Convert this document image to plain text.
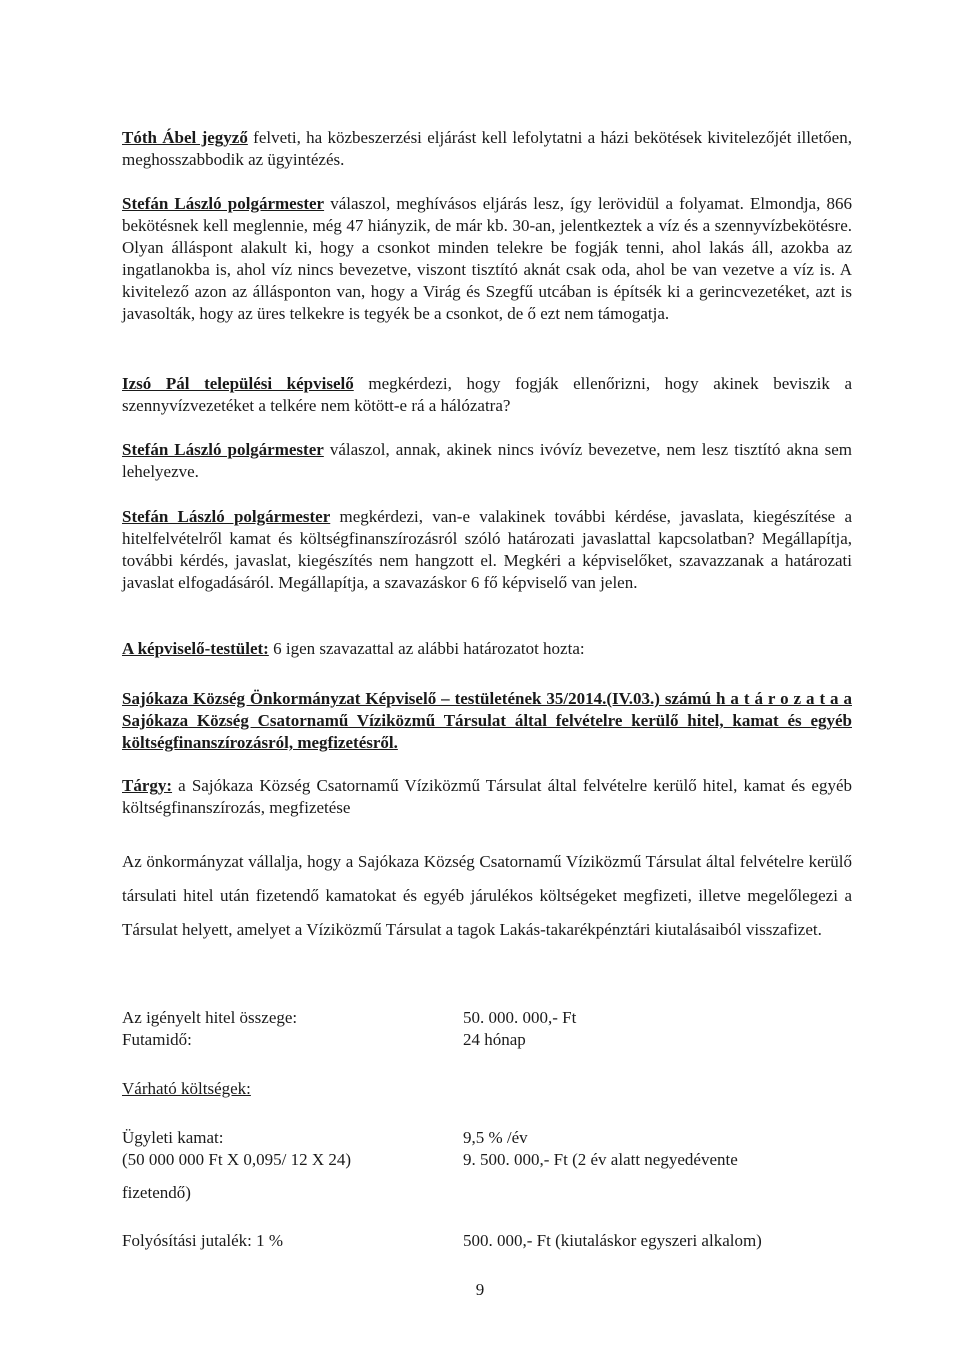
Tóth Ábel jegyző felveti, ha közbeszerzési eljárást kell lefolytatni a házi bekötések kivitelezőjét illetően, meghosszabbodik az ügyintézés.

Stefán László polgármester válaszol, meghívásos eljárás lesz, így lerövidül a folyamat. Elmondja, 866 bekötésnek kell meglennie, még 47 hiányzik, de már kb. 30-an, jelentkeztek a víz és a szennyvízbekötésre. Olyan álláspont alakult ki, hogy a csonkot minden telekre be fogják tenni, ahol lakás áll, azokba az ingatlanokba is, ahol víz nincs bevezetve, viszont tisztító aknát csak oda, ahol be van vezetve a víz is. A kivitelező azon az állásponton van, hogy a Virág és Szegfű utcában is építsék ki a gerincvezetéket, azt is javasolták, hogy az üres telkekre is tegyék be a csonkot, de ő ezt nem támogatja.

Izsó Pál települési képviselő megkérdezi, hogy fogják ellenőrizni, hogy akinek beviszik a szennyvízvezetéket a telkére nem kötött-e rá a hálózatra?

Stefán László polgármester válaszol, annak, akinek nincs ivóvíz bevezetve, nem lesz tisztító akna sem lehelyezve.

Stefán László polgármester megkérdezi, van-e valakinek további kérdése, javaslata, kiegészítése a hitelfelvételről kamat és költségfinanszírozásról szóló határozati javaslattal kapcsolatban? Megállapítja, további kérdés, javaslat, kiegészítés nem hangzott el. Megkéri a képviselőket, szavazzanak a határozati javaslat elfogadásáról. Megállapítja, a szavazáskor 6 fő képviselő van jelen.

A képviselő-testület: 6 igen szavazattal az alábbi határozatot hozta:

Sajókaza Község Önkormányzat Képviselő – testületének 35/2014.(IV.03.) számú h a t á r o z a t a a Sajókaza Község Csatornamű Víziközmű Társulat által felvételre kerülő hitel, kamat és egyéb költségfinanszírozásról, megfizetésről.

Tárgy: a Sajókaza Község Csatornamű Víziközmű Társulat által felvételre kerülő hitel, kamat és egyéb költségfinanszírozás, megfizetése

Az önkormányzat vállalja, hogy a Sajókaza Község Csatornamű Víziközmű Társulat által felvételre kerülő társulati hitel után fizetendő kamatokat és egyéb járulékos költségeket megfizeti, illetve megelőlegezi a Társulat helyett, amelyet a Víziközmű Társulat a tagok Lakás-takarékpénztári kiutalásaiból visszafizet.

Az igényelt hitel összege:	50. 000. 000,- Ft
Futamidő:	24 hónap
Várható költségek:
Ügyleti kamat:	9,5 % /év
(50 000 000 Ft X 0,095/ 12 X 24)	9. 500. 000,- Ft (2 év alatt negyedévente
fizetendő)
Folyósítási jutalék: 1 %	500. 000,- Ft (kiutaláskor egyszeri alkalom)
9
